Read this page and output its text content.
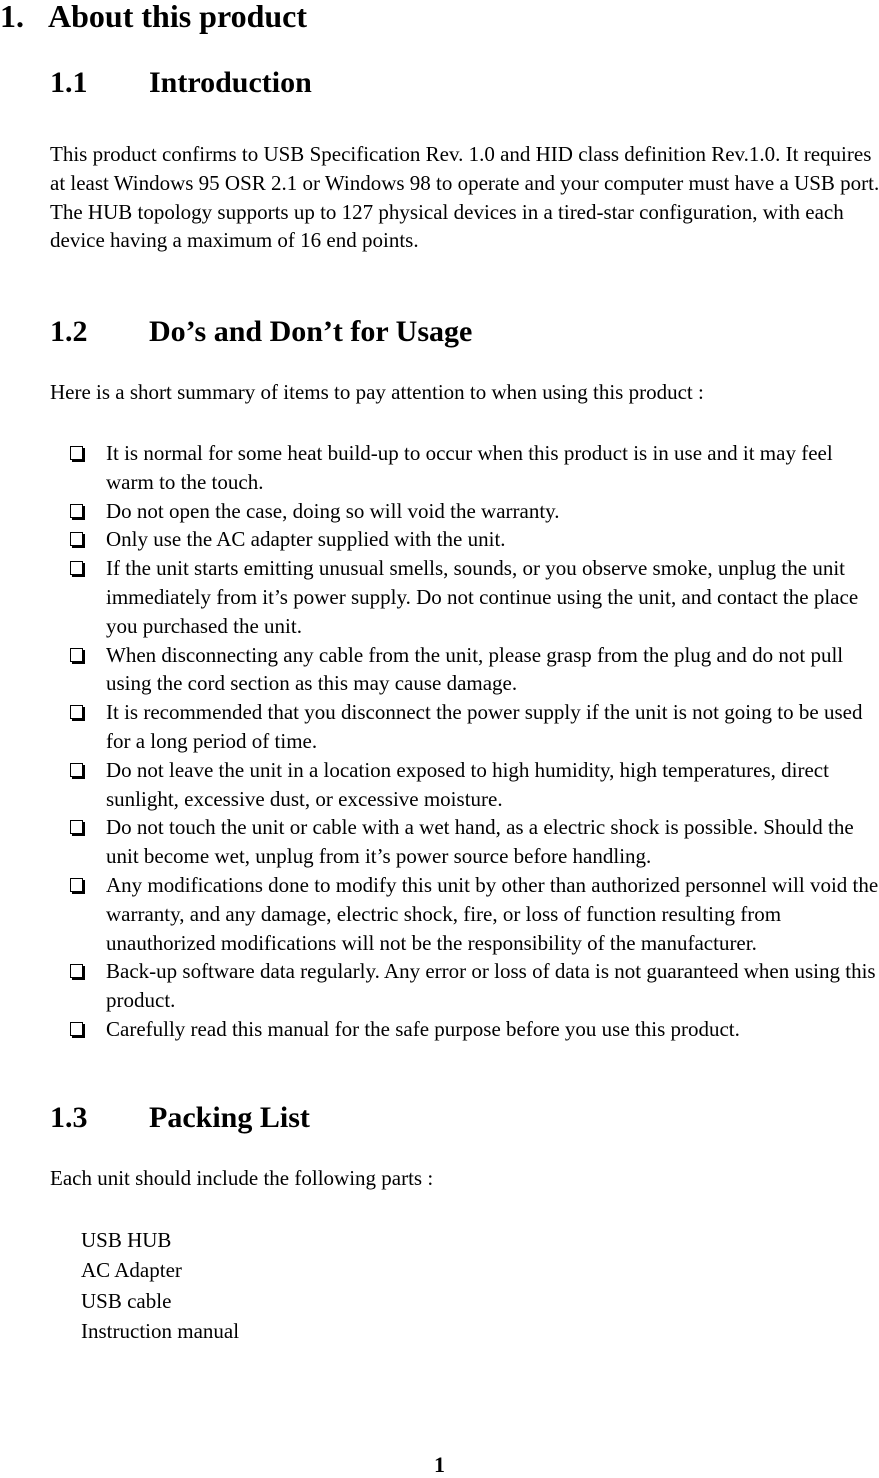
1. About this product
1.1 Introduction
This product confirms to USB Specification Rev. 1.0 and HID class definition Rev.1.0. It requires at least Windows 95 OSR 2.1 or Windows 98 to operate and your computer must have a USB port. The HUB topology supports up to 127 physical devices in a tired-star configuration, with each device having a maximum of 16 end points.
1.2 Do’s and Don’t for Usage
Here is a short summary of items to pay attention to when using this product :
It is normal for some heat build-up to occur when this product is in use and it may feel warm to the touch.
Do not open the case, doing so will void the warranty.
Only use the AC adapter supplied with the unit.
If the unit starts emitting unusual smells, sounds, or you observe smoke, unplug the unit immediately from it’s power supply. Do not continue using the unit, and contact the place you purchased the unit.
When disconnecting any cable from the unit, please grasp from the plug and do not pull using the cord section as this may cause damage.
It is recommended that you disconnect the power supply if the unit is not going to be used for a long period of time.
Do not leave the unit in a location exposed to high humidity, high temperatures, direct sunlight, excessive dust, or excessive moisture.
Do not touch the unit or cable with a wet hand, as a electric shock is possible. Should the unit become wet, unplug from it’s power source before handling.
Any modifications done to modify this unit by other than authorized personnel will void the warranty, and any damage, electric shock, fire, or loss of function resulting from unauthorized modifications will not be the responsibility of the manufacturer.
Back-up software data regularly. Any error or loss of data is not guaranteed when using this product.
Carefully read this manual for the safe purpose before you use this product.
1.3 Packing List
Each unit should include the following parts :
USB HUB
AC Adapter
USB cable
Instruction manual
1
